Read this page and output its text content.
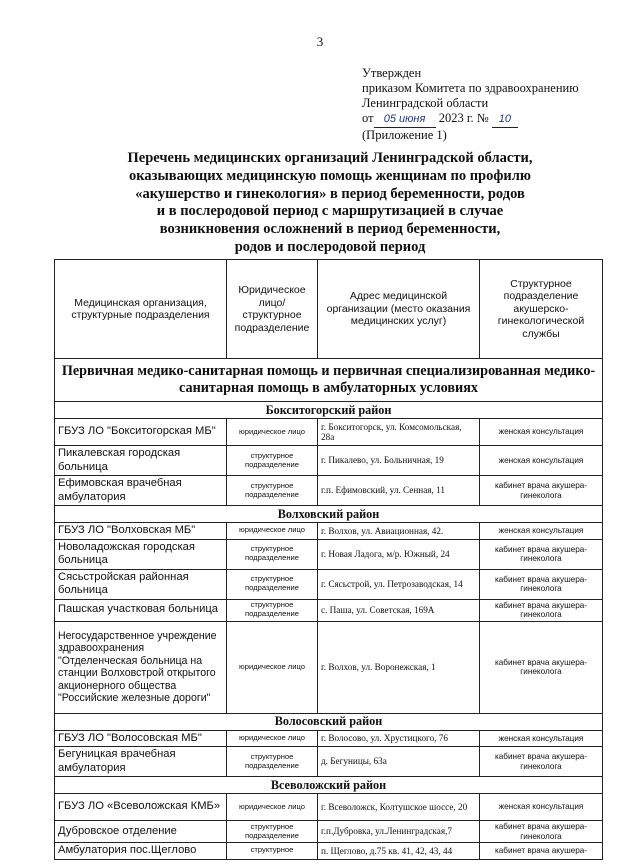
3
Утвержден
приказом Комитета по здравоохранению
Ленинградской области
от 05 июня 2023 г. № 10
(Приложение 1)
Перечень медицинских организаций Ленинградской области,
оказывающих медицинскую помощь женщинам по профилю
«акушерство и гинекология» в период беременности, родов
и в послеродовой период с маршрутизацией в случае
возникновения осложнений в период беременности,
родов и послеродовой период
Медицинская организация, структурные подразделения	Юридическое лицо/ структурное подразделение	Адрес медицинской организации (место оказания медицинских услуг)	Структурное подразделение акушерско-гинекологической службы
Первичная медико-санитарная помощь и первичная специализированная медико-санитарная помощь в амбулаторных условиях			
Бокситогорский район			
ГБУЗ ЛО "Бокситогорская МБ"	юридическое лицо	г. Бокситогорск, ул. Комсомольская, 28а	женская консультация
Пикалевская городская больница	структурное подразделение	г. Пикалево, ул. Больничная, 19	женская консультация
Ефимовская врачебная амбулатория	структурное подразделение	г.п. Ефимовский, ул. Сенная, 11	кабинет врача акушера-гинеколога
Волховский район			
ГБУЗ ЛО "Волховская МБ"	юридическое лицо	г. Волхов, ул. Авиационная, 42.	женская консультация
Новоладожская городская больница	структурное подразделение	г. Новая Ладога, м/р. Южный, 24	кабинет врача акушера-гинеколога
Сясьстройская районная больница	структурное подразделение	г. Сясьстрой, ул. Петрозаводская, 14	кабинет врача акушера-гинеколога
Пашская участковая больница	структурное подразделение	с. Паша, ул. Советская, 169А	кабинет врача акушера-гинеколога
Негосударственное учреждение здравоохранения "Отделенческая больница на станции Волховстрой открытого акционерного общества "Российские железные дороги"	юридическое лицо	г. Волхов, ул. Воронежская, 1	кабинет врача акушера-гинеколога
Волосовский район			
ГБУЗ ЛО "Волосовская МБ"	юридическое лицо	г. Волосово, ул. Хрустицкого, 76	женская консультация
Бегуницкая врачебная амбулатория	структурное подразделение	д. Бегуницы, 63а	кабинет врача акушера-гинеколога
Всеволожский район			
ГБУЗ ЛО «Всеволожская КМБ»	юридическое лицо	г. Всеволожск, Колтушское шоссе, 20	женская консультация
Дубровское отделение	структурное подразделение	г.п.Дубровка, ул.Ленинградская,7	кабинет врача акушера-гинеколога
Амбулатория пос.Щеглово	структурное	п. Щеглово, д.75 кв. 41, 42, 43, 44	кабинет врача акушера-
